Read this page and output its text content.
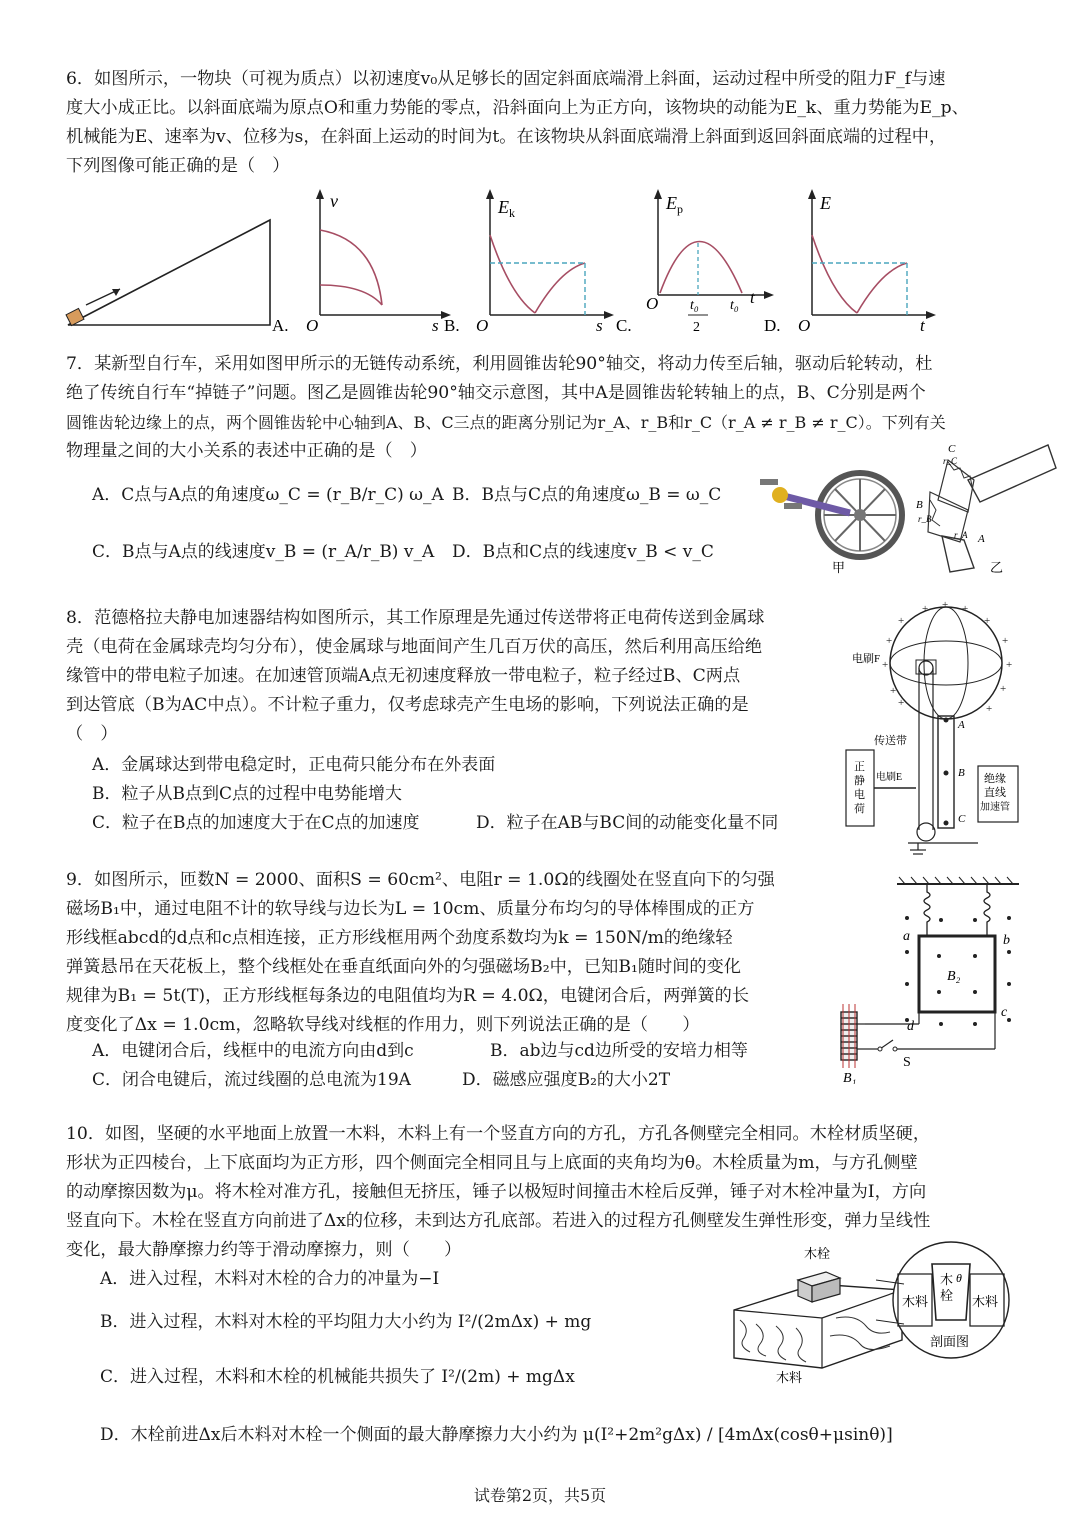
6．如图所示，一物块（可视为质点）以初速度v₀从足够长的固定斜面底端滑上斜面，运动过程中所受的阻力F_f与速
度大小成正比。以斜面底端为原点O和重力势能的零点，沿斜面向上为正方向，该物块的动能为E_k、重力势能为E_p、
机械能为E、速率为v、位移为s，在斜面上运动的时间为t。在该物块从斜面底端滑上斜面到返回斜面底端的过程中，
下列图像可能正确的是（　）
A.
v
O	s B.
$E_k$
O	s C.
$E_p$
O t₀
2
t₀ t
D.
E
O	t
7．某新型自行车，采用如图甲所示的无链传动系统，利用圆锥齿轮90°轴交，将动力传至后轴，驱动后轮转动，杜
绝了传统自行车“掉链子”问题。图乙是圆锥齿轮90°轴交示意图，其中A是圆锥齿轮转轴上的点，B、C分别是两个
圆锥齿轮边缘上的点，两个圆锥齿轮中心轴到A、B、C三点的距离分别记为r_A、r_B和r_C（r_A ≠ r_B ≠ r_C）。下列有关
物理量之间的大小关系的表述中正确的是（　）
A．C点与A点的角速度ω_C = (r_B/r_C) ω_A B．B点与C点的角速度ω_B = ω_C
C．B点与A点的线速度v_B = (r_A/r_B) v_A D．B点和C点的线速度v_B < v_C
甲
C
r_C
B
r_B
A
r_A
乙
8．范德格拉夫静电加速器结构如图所示，其工作原理是先通过传送带将正电荷传送到金属球
壳（电荷在金属球壳均匀分布），使金属球与地面间产生几百万伏的高压，然后利用高压给绝
缘管中的带电粒子加速。在加速管顶端A点无初速度释放一带电粒子，粒子经过B、C两点
到达管底（B为AC中点）。不计粒子重力，仅考虑球壳产生电场的影响，下列说法正确的是
（　）
A．金属球达到带电稳定时，正电荷只能分布在外表面
B．粒子从B点到C点的过程中电势能增大
C．粒子在B点的加速度大于在C点的加速度	D．粒子在AB与BC间的动能变化量不同
+ + +
+
+
+
+
+
+
+
+
+
+
电刷F
传送带
电刷E
正
静
电
荷
绝缘
直线
加速管
A
B
C
9．如图所示，匝数N = 2000、面积S = 60cm²、电阻r = 1.0Ω的线圈处在竖直向下的匀强
磁场B₁中，通过电阻不计的软导线与边长为L = 10cm、质量分布均匀的导体棒围成的正方
形线框abcd的d点和c点相连接，正方形线框用两个劲度系数均为k = 150N/m的绝缘轻
弹簧悬吊在天花板上，整个线框处在垂直纸面向外的匀强磁场B₂中，已知B₁随时间的变化
规律为B₁ = 5t(T)，正方形线框每条边的电阻值均为R = 4.0Ω，电键闭合后，两弹簧的长
度变化了Δx = 1.0cm，忽略软导线对线框的作用力，则下列说法正确的是（　　）
A．电键闭合后，线框中的电流方向由d到c	B．ab边与cd边所受的安培力相等
C．闭合电键后，流过线圈的总电流为19A	D．磁感应强度B₂的大小2T
a	b
c
d
B₂
B₁
S
10．如图，坚硬的水平地面上放置一木料，木料上有一个竖直方向的方孔，方孔各侧壁完全相同。木栓材质坚硬，
形状为正四棱台，上下底面均为正方形，四个侧面完全相同且与上底面的夹角均为θ。木栓质量为m，与方孔侧壁
的动摩擦因数为μ。将木栓对准方孔，接触但无挤压，锤子以极短时间撞击木栓后反弹，锤子对木栓冲量为I，方向
竖直向下。木栓在竖直方向前进了Δx的位移，未到达方孔底部。若进入的过程方孔侧壁发生弹性形变，弹力呈线性
变化，最大静摩擦力约等于滑动摩擦力，则（　　）
A．进入过程，木料对木栓的合力的冲量为−I
B．进入过程，木料对木栓的平均阻力大小约为 I²/(2mΔx) + mg
C．进入过程，木料和木栓的机械能共损失了 I²/(2m) + mgΔx
D．木栓前进Δx后木料对木栓一个侧面的最大静摩擦力大小约为 μ(I²+2m²gΔx) / [4mΔx(cosθ+μsinθ)]
木栓
木料
木料	木料
木
栓
θ
剖面图
试卷第2页，共5页
